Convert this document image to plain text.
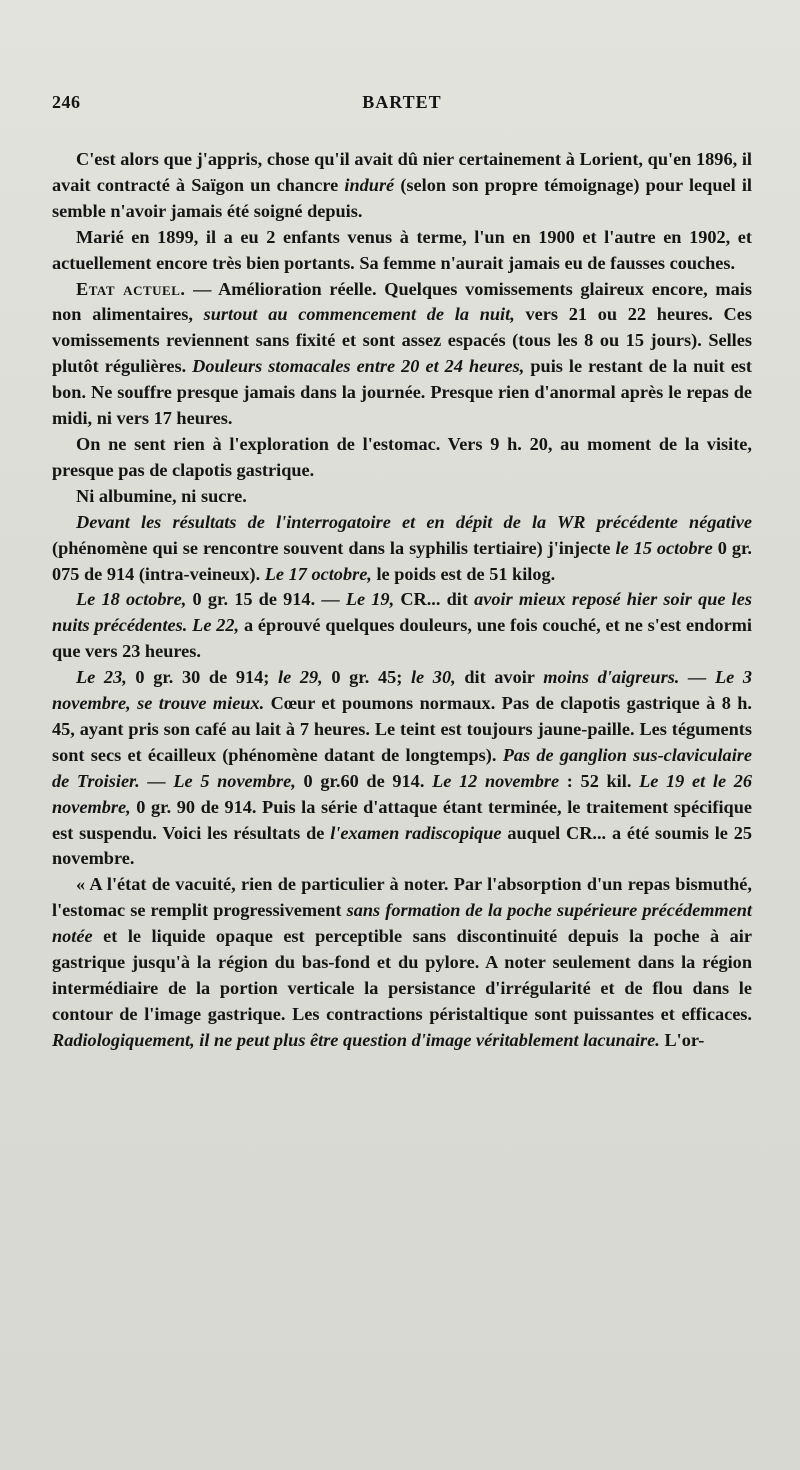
246	BARTET

C'est alors que j'appris, chose qu'il avait dû nier certainement à Lorient, qu'en 1896, il avait contracté à Saïgon un chancre induré (selon son propre témoignage) pour lequel il semble n'avoir jamais été soigné depuis.

Marié en 1899, il a eu 2 enfants venus à terme, l'un en 1900 et l'autre en 1902, et actuellement encore très bien portants. Sa femme n'aurait jamais eu de fausses couches.

Etat actuel. — Amélioration réelle. Quelques vomissements glaireux encore, mais non alimentaires, surtout au commencement de la nuit, vers 21 ou 22 heures. Ces vomissements reviennent sans fixité et sont assez espacés (tous les 8 ou 15 jours). Selles plutôt régulières. Douleurs stomacales entre 20 et 24 heures, puis le restant de la nuit est bon. Ne souffre presque jamais dans la journée. Presque rien d'anormal après le repas de midi, ni vers 17 heures.

On ne sent rien à l'exploration de l'estomac. Vers 9 h. 20, au moment de la visite, presque pas de clapotis gastrique.

Ni albumine, ni sucre.

Devant les résultats de l'interrogatoire et en dépit de la WR précédente négative (phénomène qui se rencontre souvent dans la syphilis tertiaire) j'injecte le 15 octobre 0 gr. 075 de 914 (intra-veineux). Le 17 octobre, le poids est de 51 kilog.

Le 18 octobre, 0 gr. 15 de 914. — Le 19, CR... dit avoir mieux reposé hier soir que les nuits précédentes. Le 22, a éprouvé quelques douleurs, une fois couché, et ne s'est endormi que vers 23 heures.

Le 23, 0 gr. 30 de 914; le 29, 0 gr. 45; le 30, dit avoir moins d'aigreurs. — Le 3 novembre, se trouve mieux. Cœur et poumons normaux. Pas de clapotis gastrique à 8 h. 45, ayant pris son café au lait à 7 heures. Le teint est toujours jaune-paille. Les téguments sont secs et écailleux (phénomène datant de longtemps). Pas de ganglion sus-claviculaire de Troisier. — Le 5 novembre, 0 gr.60 de 914. Le 12 novembre : 52 kil. Le 19 et le 26 novembre, 0 gr. 90 de 914. Puis la série d'attaque étant terminée, le traitement spécifique est suspendu. Voici les résultats de l'examen radiscopique auquel CR... a été soumis le 25 novembre.

« A l'état de vacuité, rien de particulier à noter. Par l'absorption d'un repas bismuthé, l'estomac se remplit progressivement sans formation de la poche supérieure précédemment notée et le liquide opaque est perceptible sans discontinuité depuis la poche à air gastrique jusqu'à la région du bas-fond et du pylore. A noter seulement dans la région intermédiaire de la portion verticale la persistance d'irrégularité et de flou dans le contour de l'image gastrique. Les contractions péristaltique sont puissantes et efficaces. Radiologiquement, il ne peut plus être question d'image véritablement lacunaire. L'or-
